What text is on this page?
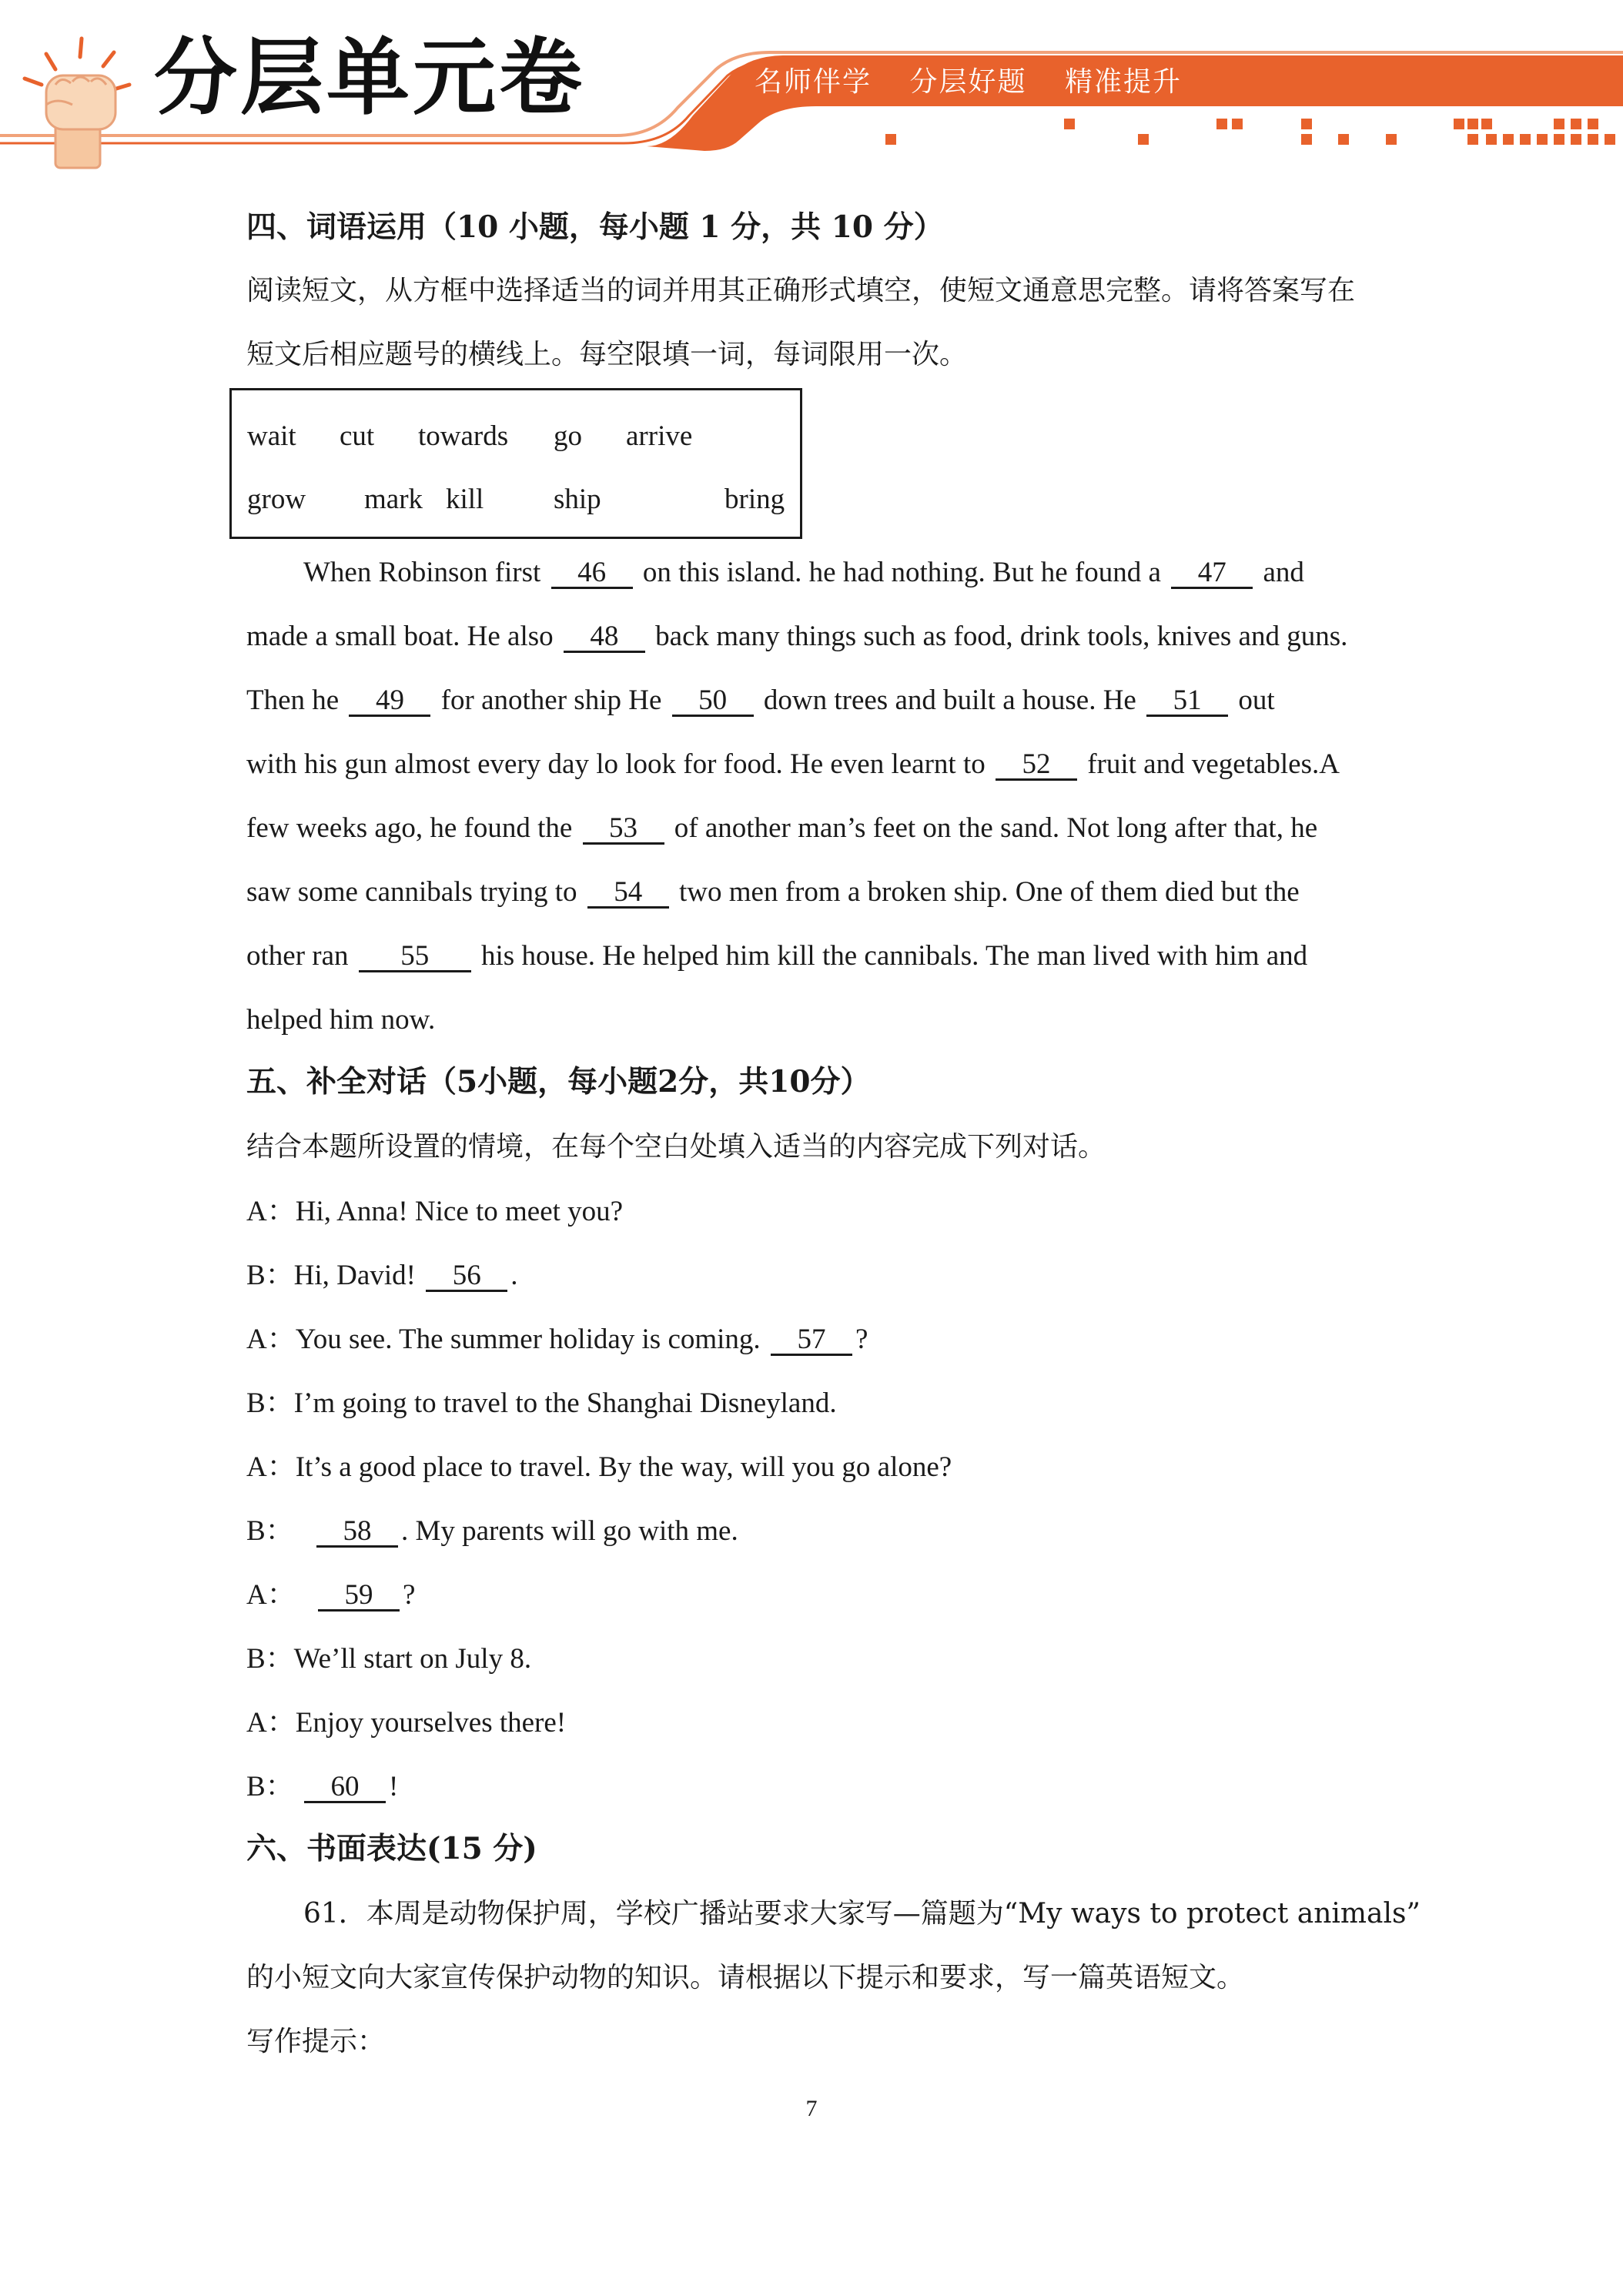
分层单元卷	名师伴学 分层好题 精准提升
四、词语运用（10 小题，每小题 1 分，共 10 分）
阅读短文，从方框中选择适当的词并用其正确形式填空，使短文通意思完整。请将答案写在
短文后相应题号的横线上。每空限填一词，每词限用一次。
wait cut towards go arrive
grow mark kill ship	bring
When Robinson first 46 on this island. he had nothing. But he found a 47 and
made a small boat. He also 48 back many things such as food, drink tools, knives and guns.
Then he 49 for another ship He 50 down trees and built a house. He 51 out
with his gun almost every day lo look for food. He even learnt to 52 fruit and vegetables.A
few weeks ago, he found the 53 of another man’s feet on the sand. Not long after that, he
saw some cannibals trying to 54 two men from a broken ship. One of them died but the
other ran 55 his house. He helped him kill the cannibals. The man lived with him and
helped him now.
五、补全对话（5小题，每小题2分，共10分）
结合本题所设置的情境，在每个空白处填入适当的内容完成下列对话。
A：Hi, Anna! Nice to meet you?
B：Hi, David! 56 .
A：You see. The summer holiday is coming. 57 ?
B：I’m going to travel to the Shanghai Disneyland.
A：It’s a good place to travel. By the way, will you go alone?
B： 58 . My parents will go with me.
A： 59 ?
B：We’ll start on July 8.
A：Enjoy yourselves there!
B： 60 !
六、书面表达(15 分)
61．本周是动物保护周，学校广播站要求大家写—篇题为“My ways to protect animals”
的小短文向大家宣传保护动物的知识。请根据以下提示和要求，写一篇英语短文。
写作提示：
7
